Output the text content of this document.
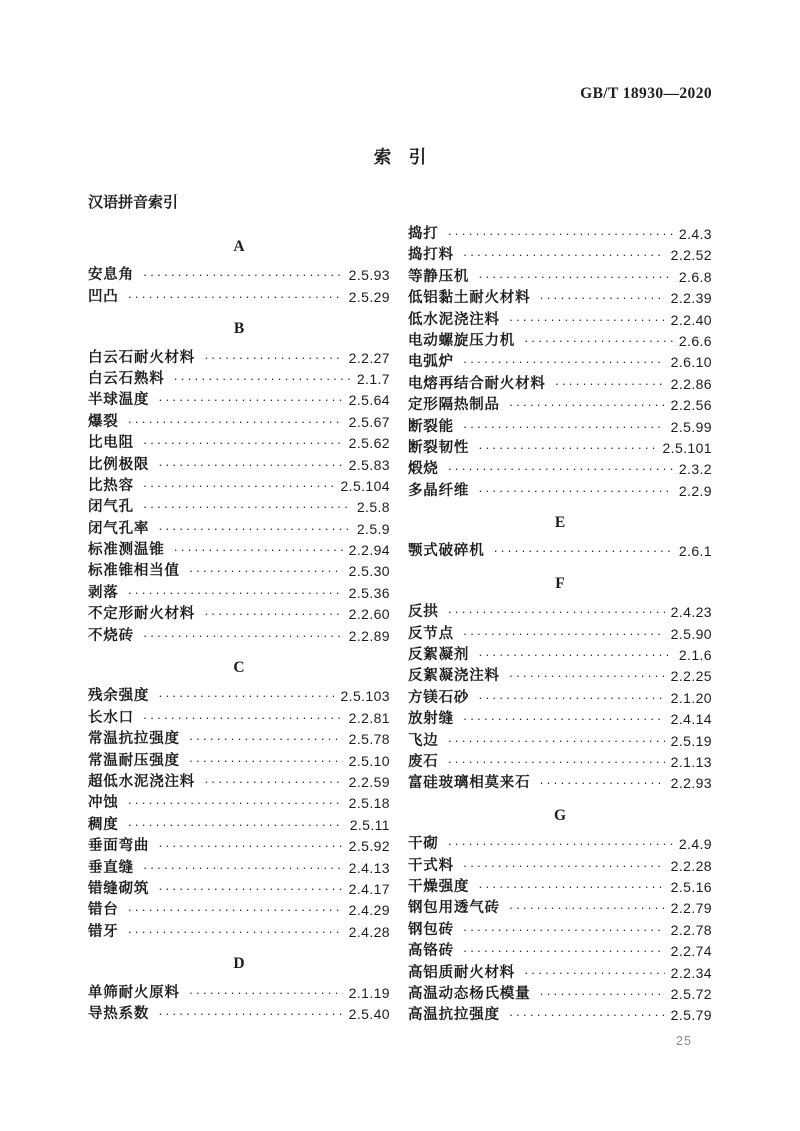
GB/T 18930—2020
索　引
汉语拼音索引
A
安息角 ·····	2.5.93
凹凸 ·····	2.5.29
B
白云石耐火材料 ·····	2.2.27
白云石熟料 ·····	2.1.7
半球温度 ·····	2.5.64
爆裂 ·····	2.5.67
比电阻 ·····	2.5.62
比例极限 ·····	2.5.83
比热容 ·····	2.5.104
闭气孔 ·····	2.5.8
闭气孔率 ·····	2.5.9
标准测温锥 ·····	2.2.94
标准锥相当值 ·····	2.5.30
剥落 ·····	2.5.36
不定形耐火材料 ·····	2.2.60
不烧砖 ·····	2.2.89
C
残余强度 ·····	2.5.103
长水口 ·····	2.2.81
常温抗拉强度 ·····	2.5.78
常温耐压强度 ·····	2.5.10
超低水泥浇注料 ·····	2.2.59
冲蚀 ·····	2.5.18
稠度 ·····	2.5.11
垂面弯曲 ·····	2.5.92
垂直缝 ·····	2.4.13
错缝砌筑 ·····	2.4.17
错台 ·····	2.4.29
错牙 ·····	2.4.28
D
单筛耐火原料 ·····	2.1.19
导热系数 ·····	2.5.40
捣打 ·····	2.4.3
捣打料 ·····	2.2.52
等静压机 ·····	2.6.8
低铝黏土耐火材料 ·····	2.2.39
低水泥浇注料 ·····	2.2.40
电动螺旋压力机 ·····	2.6.6
电弧炉 ·····	2.6.10
电熔再结合耐火材料 ·····	2.2.86
定形隔热制品 ·····	2.2.56
断裂能 ·····	2.5.99
断裂韧性 ·····	2.5.101
煅烧 ·····	2.3.2
多晶纤维 ·····	2.2.9
E
颚式破碎机 ·····	2.6.1
F
反拱 ·····	2.4.23
反节点 ·····	2.5.90
反絮凝剂 ·····	2.1.6
反絮凝浇注料 ·····	2.2.25
方镁石砂 ·····	2.1.20
放射缝 ·····	2.4.14
飞边 ·····	2.5.19
废石 ·····	2.1.13
富硅玻璃相莫来石 ·····	2.2.93
G
干砌 ·····	2.4.9
干式料 ·····	2.2.28
干燥强度 ·····	2.5.16
钢包用透气砖 ·····	2.2.79
钢包砖 ·····	2.2.78
高铬砖 ·····	2.2.74
高铝质耐火材料 ·····	2.2.34
高温动态杨氏模量 ·····	2.5.72
高温抗拉强度 ·····	2.5.79
25
